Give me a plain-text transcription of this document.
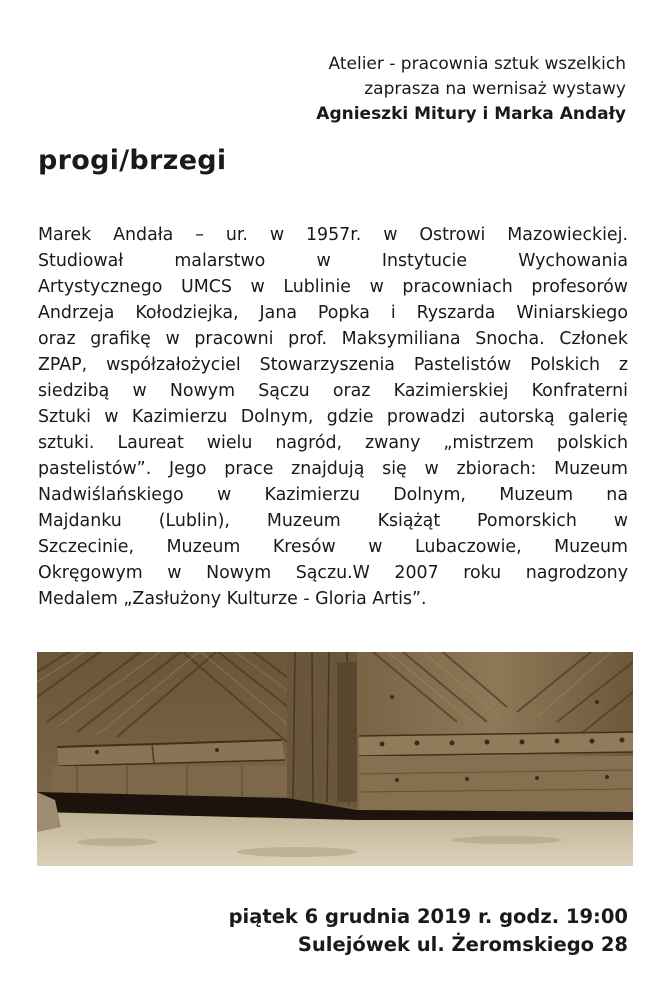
Atelier - pracownia sztuk wszelkich
zaprasza na wernisaż wystawy
Agnieszki Mitury i Marka Andały
progi/brzegi
Marek Andała – ur. w 1957r. w Ostrowi Mazowieckiej.
Studiował malarstwo w Instytucie Wychowania
Artystycznego UMCS w Lublinie w pracowniach profesorów
Andrzeja Kołodziejka, Jana Popka i Ryszarda Winiarskiego
oraz grafikę w pracowni prof. Maksymiliana Snocha. Członek
ZPAP, współzałożyciel Stowarzyszenia Pastelistów Polskich z
siedzibą w Nowym Sączu oraz Kazimierskiej Konfraterni
Sztuki w Kazimierzu Dolnym, gdzie prowadzi autorską galerię
sztuki. Laureat wielu nagród, zwany „mistrzem polskich
pastelistów”. Jego prace znajdują się w zbiorach: Muzeum
Nadwiślańskiego w Kazimierzu Dolnym, Muzeum na
Majdanku (Lublin), Muzeum Książąt Pomorskich w
Szczecinie, Muzeum Kresów w Lubaczowie, Muzeum
Okręgowym w Nowym Sączu.W 2007 roku nagrodzony
Medalem „Zasłużony Kulturze - Gloria Artis”.
piątek 6 grudnia 2019 r. godz. 19:00
Sulejówek ul. Żeromskiego 28
